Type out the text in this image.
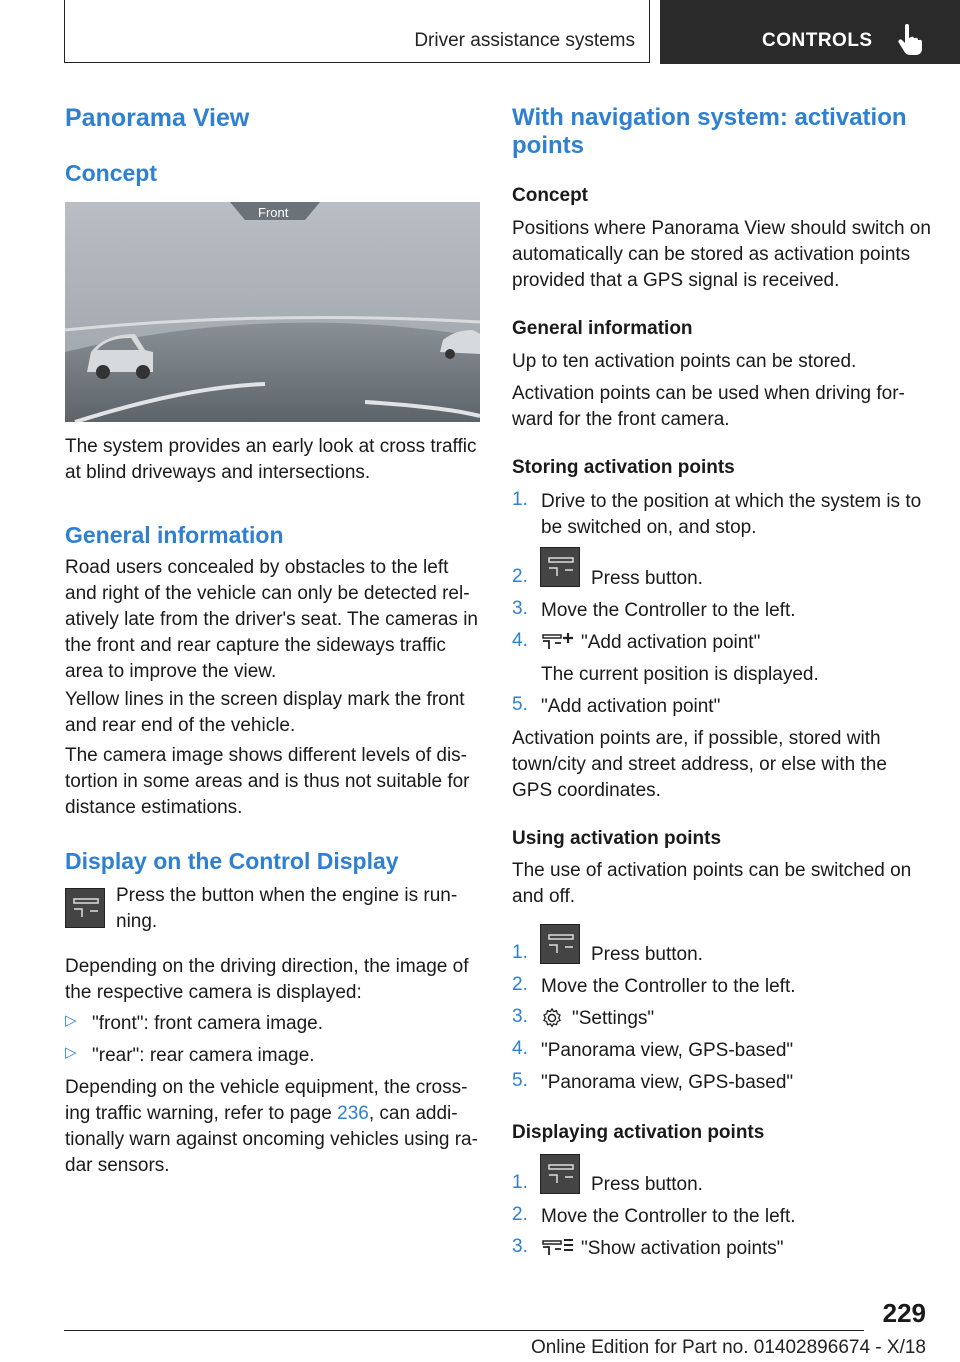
Driver assistance systems	CONTROLS
Panorama View
Concept
Front

The system provides an early look at cross traffic at blind driveways and intersections.

General information

Road users concealed by obstacles to the left and right of the vehicle can only be detected rel-atively late from the driver's seat. The cameras in the front and rear capture the sideways traffic area to improve the view.

Yellow lines in the screen display mark the front and rear end of the vehicle.

The camera image shows different levels of dis-tortion in some areas and is thus not suitable for distance estimations.

Display on the Control Display

Press the button when the engine is run-ning.

Depending on the driving direction, the image of the respective camera is displayed:

▷ "front": front camera image.
▷ "rear": rear camera image.

Depending on the vehicle equipment, the cross-ing traffic warning, refer to page 236, can addi-tionally warn against oncoming vehicles using ra-dar sensors.

With navigation system: activation points
Concept

Positions where Panorama View should switch on automatically can be stored as activation points provided that a GPS signal is received.

General information

Up to ten activation points can be stored.

Activation points can be used when driving for-ward for the front camera.

Storing activation points
1. Drive to the position at which the system is to be switched on, and stop.

2.	Press button.

3. Move the Controller to the left.

4.	"Add activation point"

The current position is displayed.

5. "Add activation point"

Activation points are, if possible, stored with town/city and street address, or else with the GPS coordinates.

Using activation points

The use of activation points can be switched on and off.

1.	Press button.

2. Move the Controller to the left.

3. "Settings"

4. "Panorama view, GPS-based"

5. "Panorama view, GPS-based"

Displaying activation points
1.	Press button.

2. Move the Controller to the left.

3.	"Show activation points"

229
Online Edition for Part no. 01402896674 - X/18
